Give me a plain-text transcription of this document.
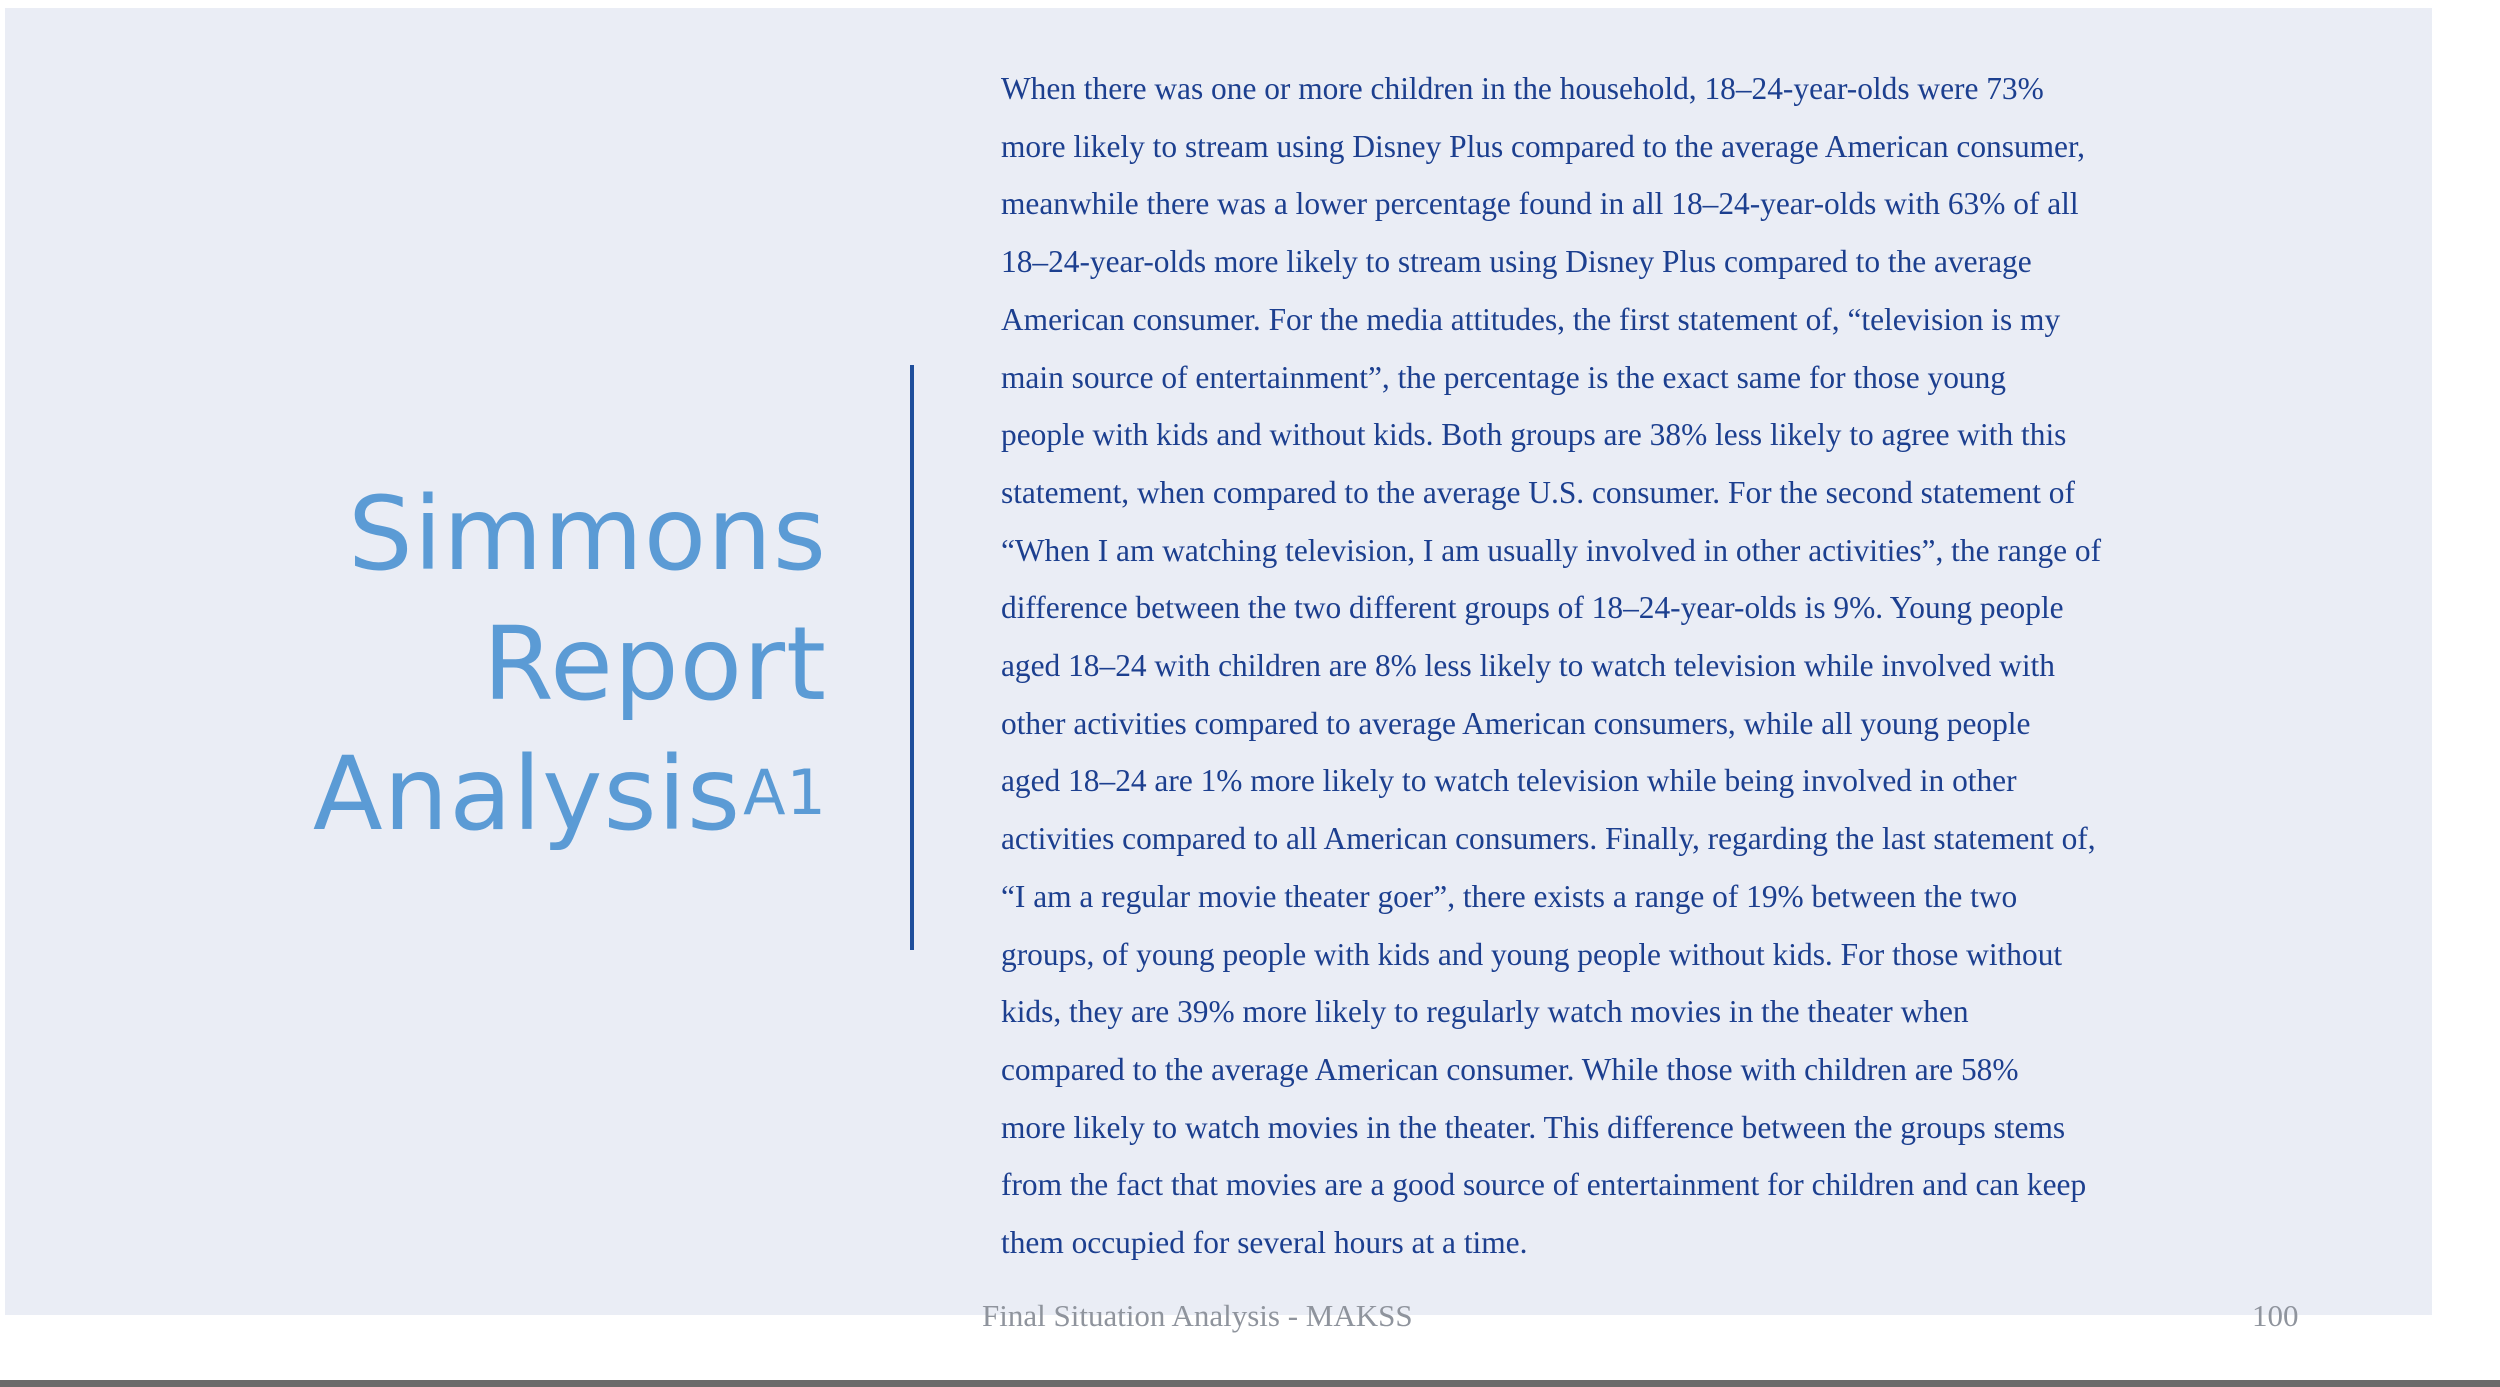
Simmons
Report
Analysis$^{A1}$
When there was one or more children in the household, 18–24-year-olds were 73%
more likely to stream using Disney Plus compared to the average American consumer,
meanwhile there was a lower percentage found in all 18–24-year-olds with 63% of all
18–24-year-olds more likely to stream using Disney Plus compared to the average
American consumer. For the media attitudes, the first statement of, “television is my
main source of entertainment”, the percentage is the exact same for those young
people with kids and without kids. Both groups are 38% less likely to agree with this
statement, when compared to the average U.S. consumer. For the second statement of
“When I am watching television, I am usually involved in other activities”, the range of
difference between the two different groups of 18–24-year-olds is 9%. Young people
aged 18–24 with children are 8% less likely to watch television while involved with
other activities compared to average American consumers, while all young people
aged 18–24 are 1% more likely to watch television while being involved in other
activities compared to all American consumers. Finally, regarding the last statement of,
“I am a regular movie theater goer”, there exists a range of 19% between the two
groups, of young people with kids and young people without kids. For those without
kids, they are 39% more likely to regularly watch movies in the theater when
compared to the average American consumer. While those with children are 58%
more likely to watch movies in the theater. This difference between the groups stems
from the fact that movies are a good source of entertainment for children and can keep
them occupied for several hours at a time.
Final Situation Analysis - MAKSS	100
